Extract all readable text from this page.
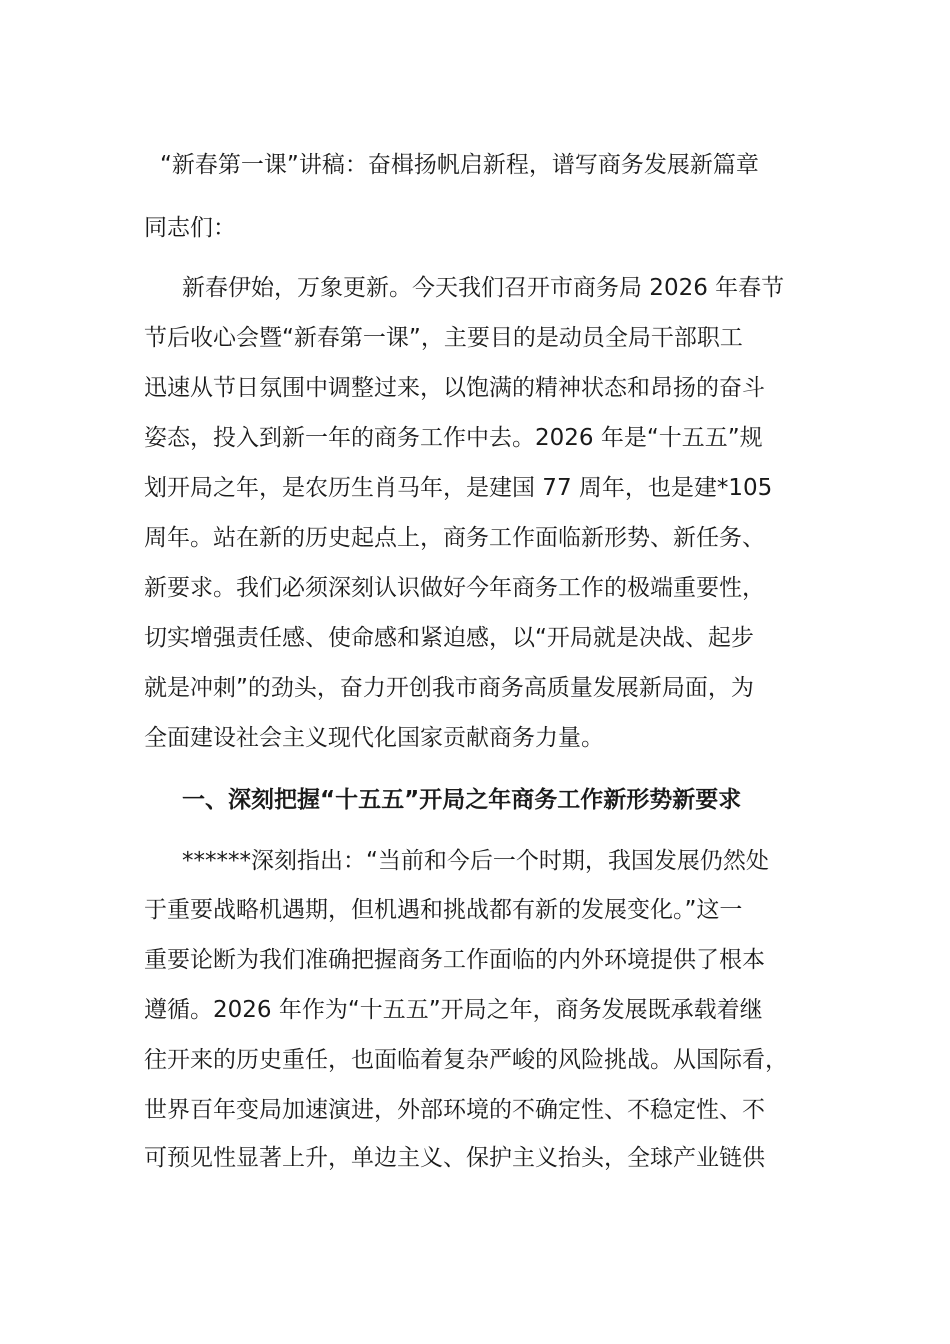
“新春第一课”讲稿：奋楫扬帆启新程，谱写商务发展新篇章

同志们：

新春伊始，万象更新。今天我们召开市商务局 2026 年春节

节后收心会暨“新春第一课”，主要目的是动员全局干部职工

迅速从节日氛围中调整过来，以饱满的精神状态和昂扬的奋斗

姿态，投入到新一年的商务工作中去。2026 年是“十五五”规

划开局之年，是农历生肖马年，是建国 77 周年，也是建*105

周年。站在新的历史起点上，商务工作面临新形势、新任务、

新要求。我们必须深刻认识做好今年商务工作的极端重要性，

切实增强责任感、使命感和紧迫感，以“开局就是决战、起步

就是冲刺”的劲头，奋力开创我市商务高质量发展新局面，为

全面建设社会主义现代化国家贡献商务力量。

一、深刻把握“十五五”开局之年商务工作新形势新要求

******深刻指出：“当前和今后一个时期，我国发展仍然处

于重要战略机遇期，但机遇和挑战都有新的发展变化。”这一

重要论断为我们准确把握商务工作面临的内外环境提供了根本

遵循。2026 年作为“十五五”开局之年，商务发展既承载着继

往开来的历史重任，也面临着复杂严峻的风险挑战。从国际看，

世界百年变局加速演进，外部环境的不确定性、不稳定性、不

可预见性显著上升，单边主义、保护主义抬头，全球产业链供
